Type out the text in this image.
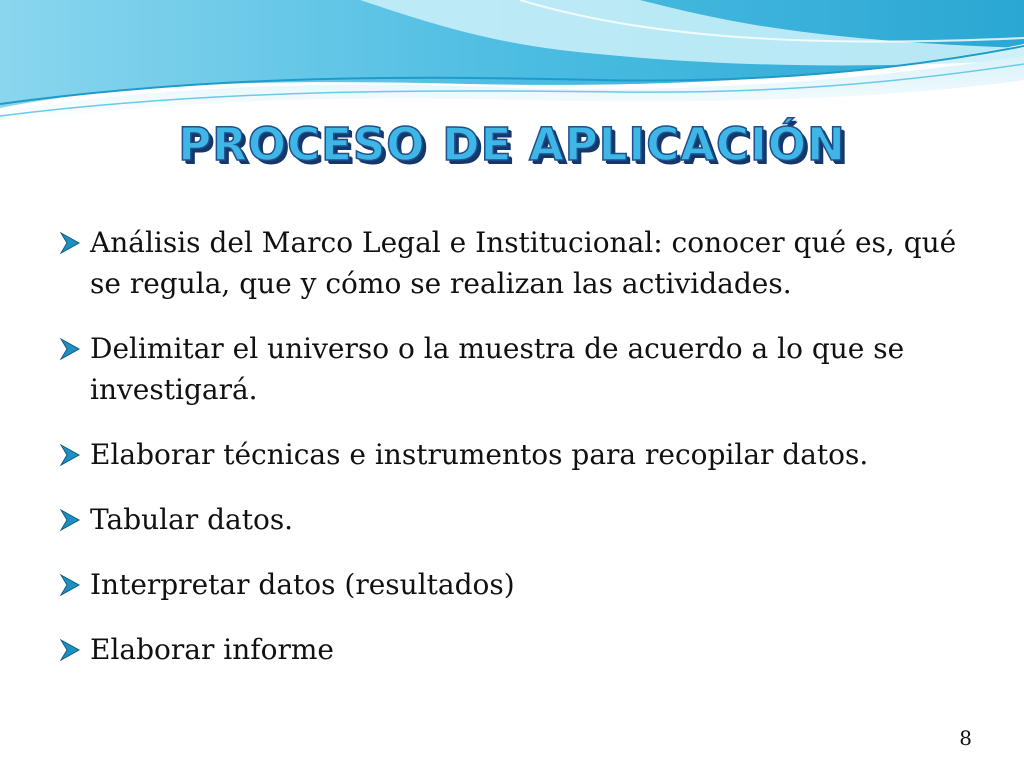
PROCESO DE APLICACIÓN
Análisis del Marco Legal e Institucional: conocer qué es, qué se regula, que y cómo se realizan las actividades.
Delimitar el universo o la muestra de acuerdo a lo que se investigará.
Elaborar técnicas e instrumentos para recopilar datos.
Tabular datos.
Interpretar datos (resultados)
Elaborar informe
8
